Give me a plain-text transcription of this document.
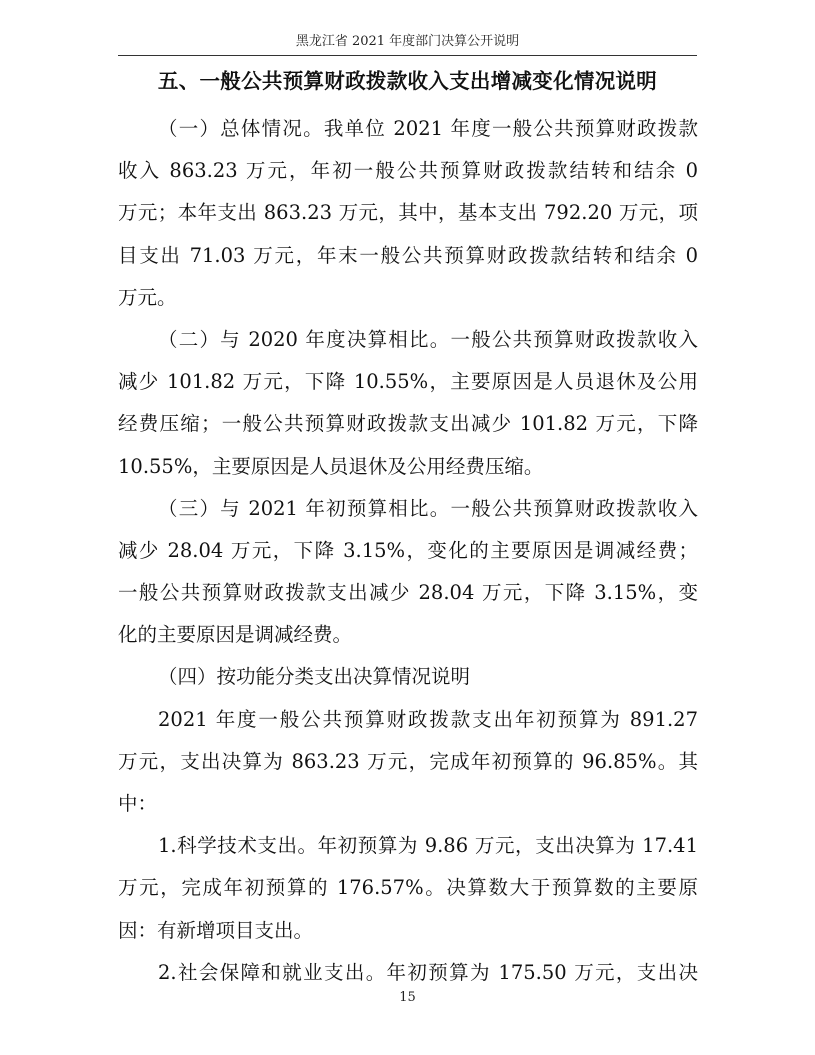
黑龙江省 2021 年度部门决算公开说明
五、一般公共预算财政拨款收入支出增减变化情况说明
（一）总体情况。我单位 2021 年度一般公共预算财政拨款
收入 863.23 万元，年初一般公共预算财政拨款结转和结余 0
万元；本年支出 863.23 万元，其中，基本支出 792.20 万元，项
目支出 71.03 万元，年末一般公共预算财政拨款结转和结余 0
万元。
（二）与 2020 年度决算相比。一般公共预算财政拨款收入
减少 101.82 万元，下降 10.55%，主要原因是人员退休及公用
经费压缩；一般公共预算财政拨款支出减少 101.82 万元，下降
10.55%，主要原因是人员退休及公用经费压缩。
（三）与 2021 年初预算相比。一般公共预算财政拨款收入
减少 28.04 万元，下降 3.15%，变化的主要原因是调减经费；
一般公共预算财政拨款支出减少 28.04 万元，下降 3.15%，变
化的主要原因是调减经费。
（四）按功能分类支出决算情况说明
2021 年度一般公共预算财政拨款支出年初预算为 891.27
万元，支出决算为 863.23 万元，完成年初预算的 96.85%。其
中：
1.科学技术支出。年初预算为 9.86 万元，支出决算为 17.41
万元，完成年初预算的 176.57%。决算数大于预算数的主要原
因：有新增项目支出。
2.社会保障和就业支出。年初预算为 175.50 万元，支出决
15
